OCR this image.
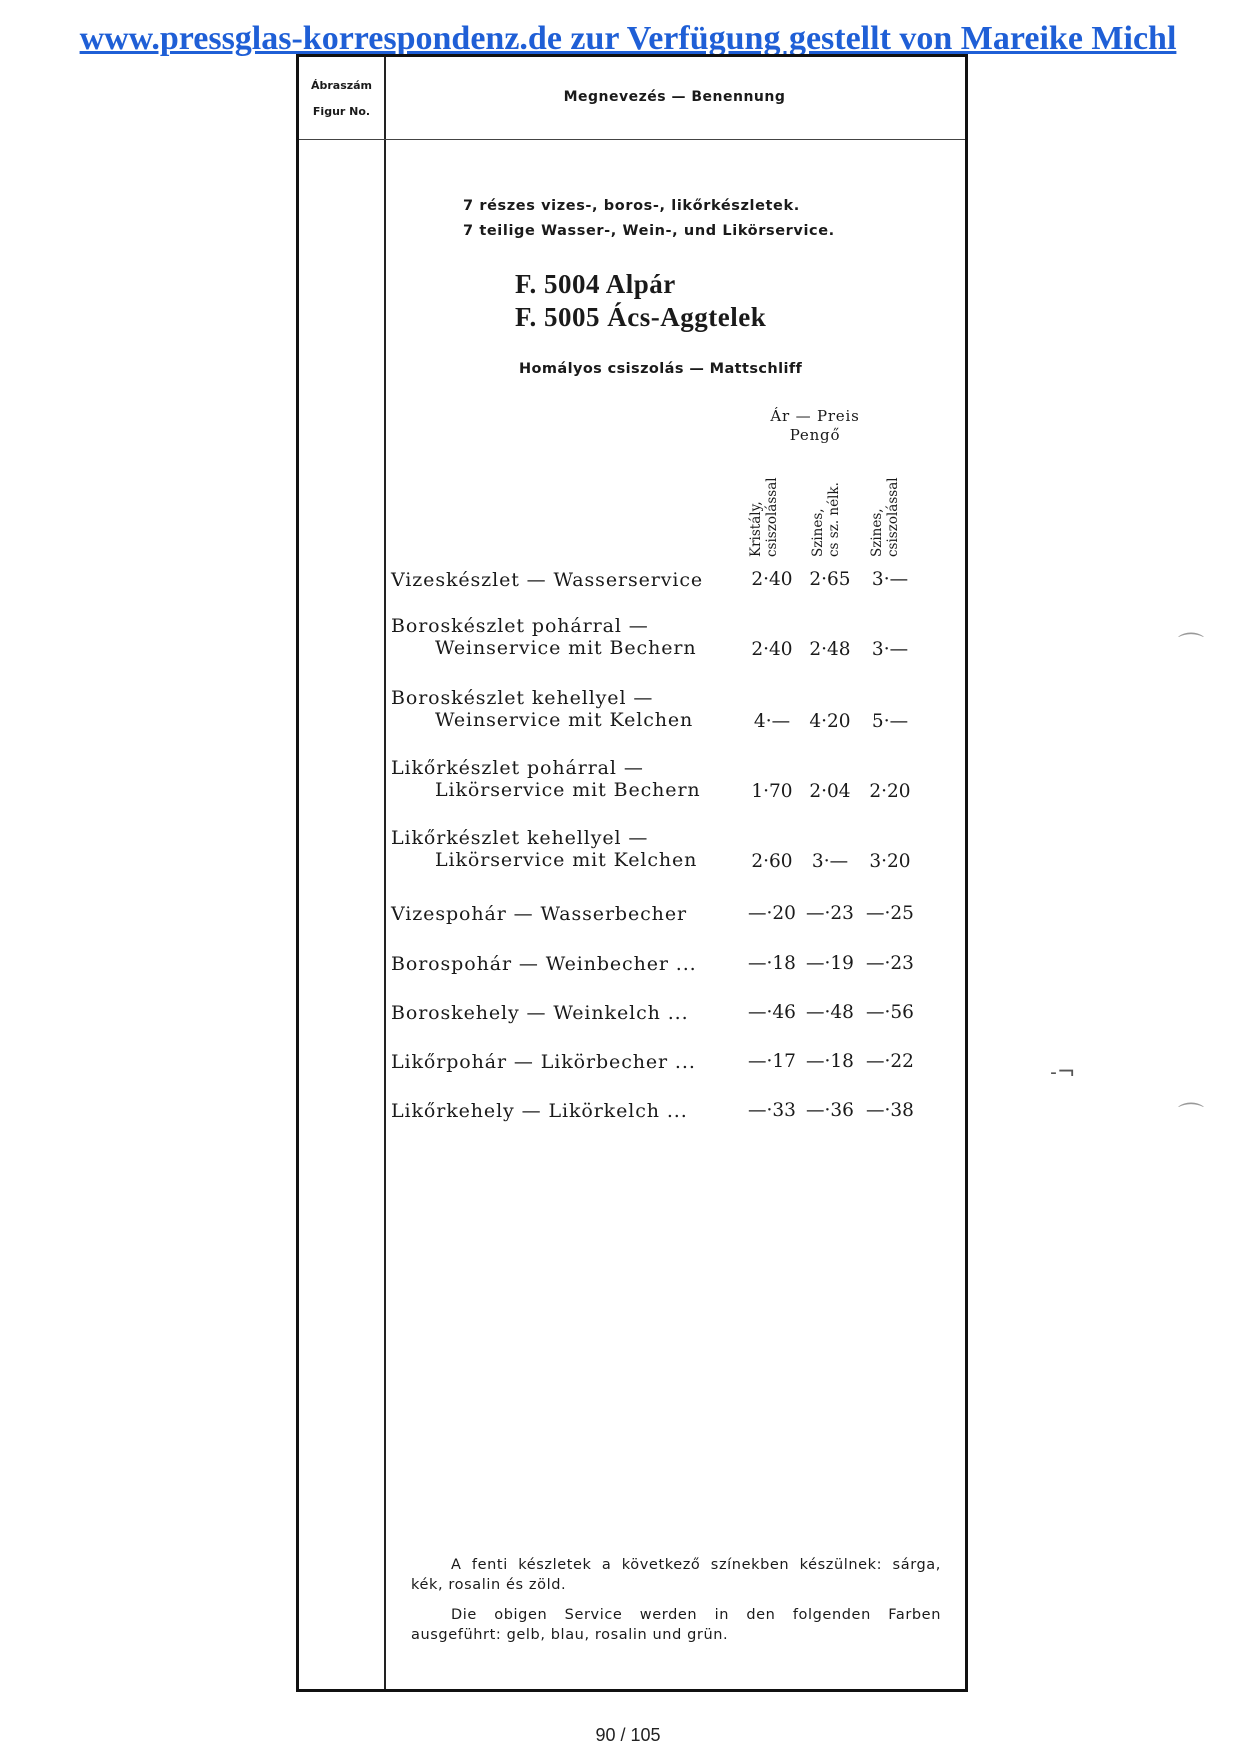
www.pressglas-korrespondenz.de zur Verfügung gestellt von Mareike Michl
Ábraszám
Figur No.
Megnevezés — Benennung
7 részes vizes-, boros-, likőrkészletek.
7 teilige Wasser-, Wein-, und Likörservice.
F. 5004 Alpár
F. 5005 Ács-Aggtelek
Homályos csiszolás — Mattschliff
Ár — Preis
Pengő
Kristály, csiszolással Szines, cs sz. nélk. Szines, csiszolással
Vizeskészlet — Wasserservice	2·40 2·65	3·—
Boroskészlet pohárral —
Weinservice mit Bechern	2·40 2·48	3·—
Boroskészlet kehellyel —
Weinservice mit Kelchen	4·—	4·20	5·—
Likőrkészlet pohárral —
Likörservice mit Bechern	1·70 2·04	2·20
Likőrkészlet kehellyel —
Likörservice mit Kelchen	2·60	3·—	3·20
Vizespohár — Wasserbecher	—·20 —·23 —·25
Borospohár — Weinbecher ...	—·18 —·19 —·23
Boroskehely — Weinkelch ...	—·46 —·48 —·56
Likőrpohár — Likörbecher ...	—·17 —·18 —·22
Likőrkehely — Likörkelch ...	—·33 —·36 —·38
A fenti készletek a következő színekben készülnek: sárga, kék, rosalin és zöld.
Die obigen Service werden in den folgenden Farben ausgeführt: gelb, blau, rosalin und grün.
90 / 105
⌒
⌒
˗¬
